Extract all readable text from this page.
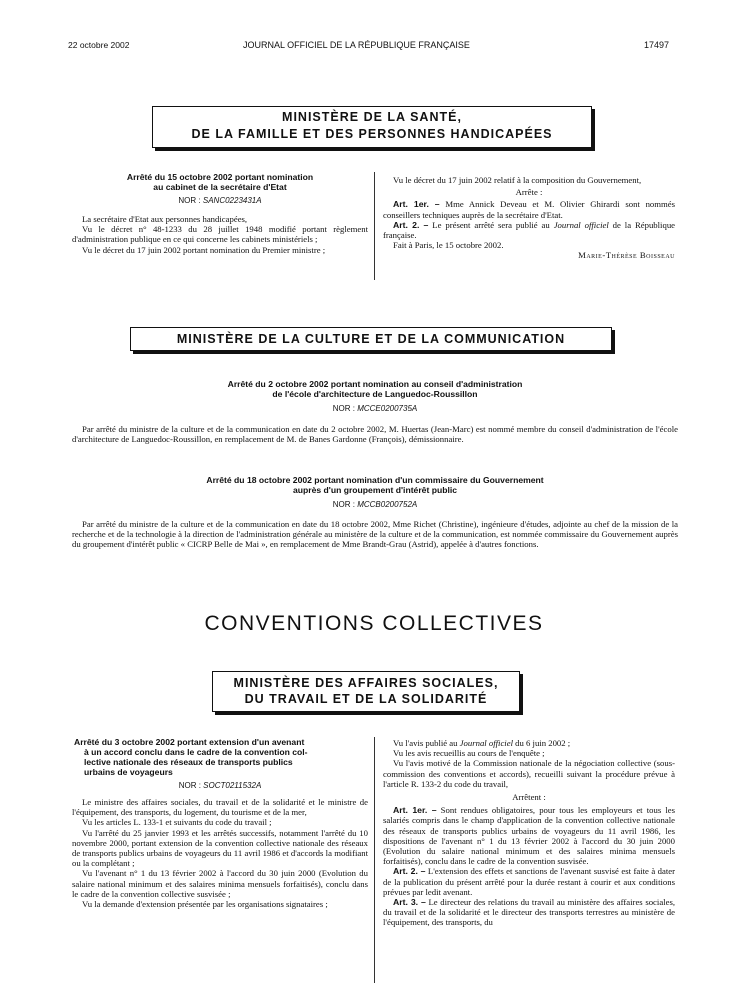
22 octobre 2002	JOURNAL OFFICIEL DE LA RÉPUBLIQUE FRANÇAISE	17497
MINISTÈRE DE LA SANTÉ,
DE LA FAMILLE ET DES PERSONNES HANDICAPÉES
Arrêté du 15 octobre 2002 portant nomination
au cabinet de la secrétaire d'Etat
NOR : SANC0223431A

La secrétaire d'Etat aux personnes handicapées,

Vu le décret n° 48-1233 du 28 juillet 1948 modifié portant règlement d'administration publique en ce qui concerne les cabinets ministériels ;

Vu le décret du 17 juin 2002 portant nomination du Premier ministre ;

Vu le décret du 17 juin 2002 relatif à la composition du Gouvernement,

Arrête :

Art. 1er. – Mme Annick Deveau et M. Olivier Ghirardi sont nommés conseillers techniques auprès de la secrétaire d'Etat.

Art. 2. – Le présent arrêté sera publié au Journal officiel de la République française.

Fait à Paris, le 15 octobre 2002.

Marie-Thérèse Boisseau

MINISTÈRE DE LA CULTURE ET DE LA COMMUNICATION
Arrêté du 2 octobre 2002 portant nomination au conseil d'administration
de l'école d'architecture de Languedoc-Roussillon
NOR : MCCE0200735A

Par arrêté du ministre de la culture et de la communication en date du 2 octobre 2002, M. Huertas (Jean-Marc) est nommé membre du conseil d'administration de l'école d'architecture de Languedoc-Roussillon, en remplacement de M. de Banes Gardonne (François), démissionnaire.

Arrêté du 18 octobre 2002 portant nomination d'un commissaire du Gouvernement
auprès d'un groupement d'intérêt public
NOR : MCCB0200752A

Par arrêté du ministre de la culture et de la communication en date du 18 octobre 2002, Mme Richet (Christine), ingénieure d'études, adjointe au chef de la mission de la recherche et de la technologie à la direction de l'administration générale au ministère de la culture et de la communication, est nommée commissaire du Gouvernement auprès du groupement d'intérêt public « CICRP Belle de Mai », en remplacement de Mme Brandt-Grau (Astrid), appelée à d'autres fonctions.

CONVENTIONS COLLECTIVES
MINISTÈRE DES AFFAIRES SOCIALES,
DU TRAVAIL ET DE LA SOLIDARITÉ
Arrêté du 3 octobre 2002 portant extension d'un avenant
à un accord conclu dans le cadre de la convention col-
lective nationale des réseaux de transports publics
urbains de voyageurs
NOR : SOCT0211532A

Le ministre des affaires sociales, du travail et de la solidarité et le ministre de l'équipement, des transports, du logement, du tourisme et de la mer,

Vu les articles L. 133-1 et suivants du code du travail ;

Vu l'arrêté du 25 janvier 1993 et les arrêtés successifs, notamment l'arrêté du 10 novembre 2000, portant extension de la convention collective nationale des réseaux de transports publics urbains de voyageurs du 11 avril 1986 et d'accords la modifiant ou la complétant ;

Vu l'avenant n° 1 du 13 février 2002 à l'accord du 30 juin 2000 (Evolution du salaire national minimum et des salaires minima mensuels forfaitisés), conclu dans le cadre de la convention collective susvisée ;

Vu la demande d'extension présentée par les organisations signataires ;

Vu l'avis publié au Journal officiel du 6 juin 2002 ;

Vu les avis recueillis au cours de l'enquête ;

Vu l'avis motivé de la Commission nationale de la négociation collective (sous-commission des conventions et accords), recueilli suivant la procédure prévue à l'article R. 133-2 du code du travail,

Arrêtent :

Art. 1er. – Sont rendues obligatoires, pour tous les employeurs et tous les salariés compris dans le champ d'application de la convention collective nationale des réseaux de transports publics urbains de voyageurs du 11 avril 1986, les dispositions de l'avenant n° 1 du 13 février 2002 à l'accord du 30 juin 2000 (Evolution du salaire national minimum et des salaires minima mensuels forfaitisés), conclu dans le cadre de la convention susvisée.

Art. 2. – L'extension des effets et sanctions de l'avenant susvisé est faite à dater de la publication du présent arrêté pour la durée restant à courir et aux conditions prévues par ledit avenant.

Art. 3. – Le directeur des relations du travail au ministère des affaires sociales, du travail et de la solidarité et le directeur des transports terrestres au ministère de l'équipement, des transports, du
